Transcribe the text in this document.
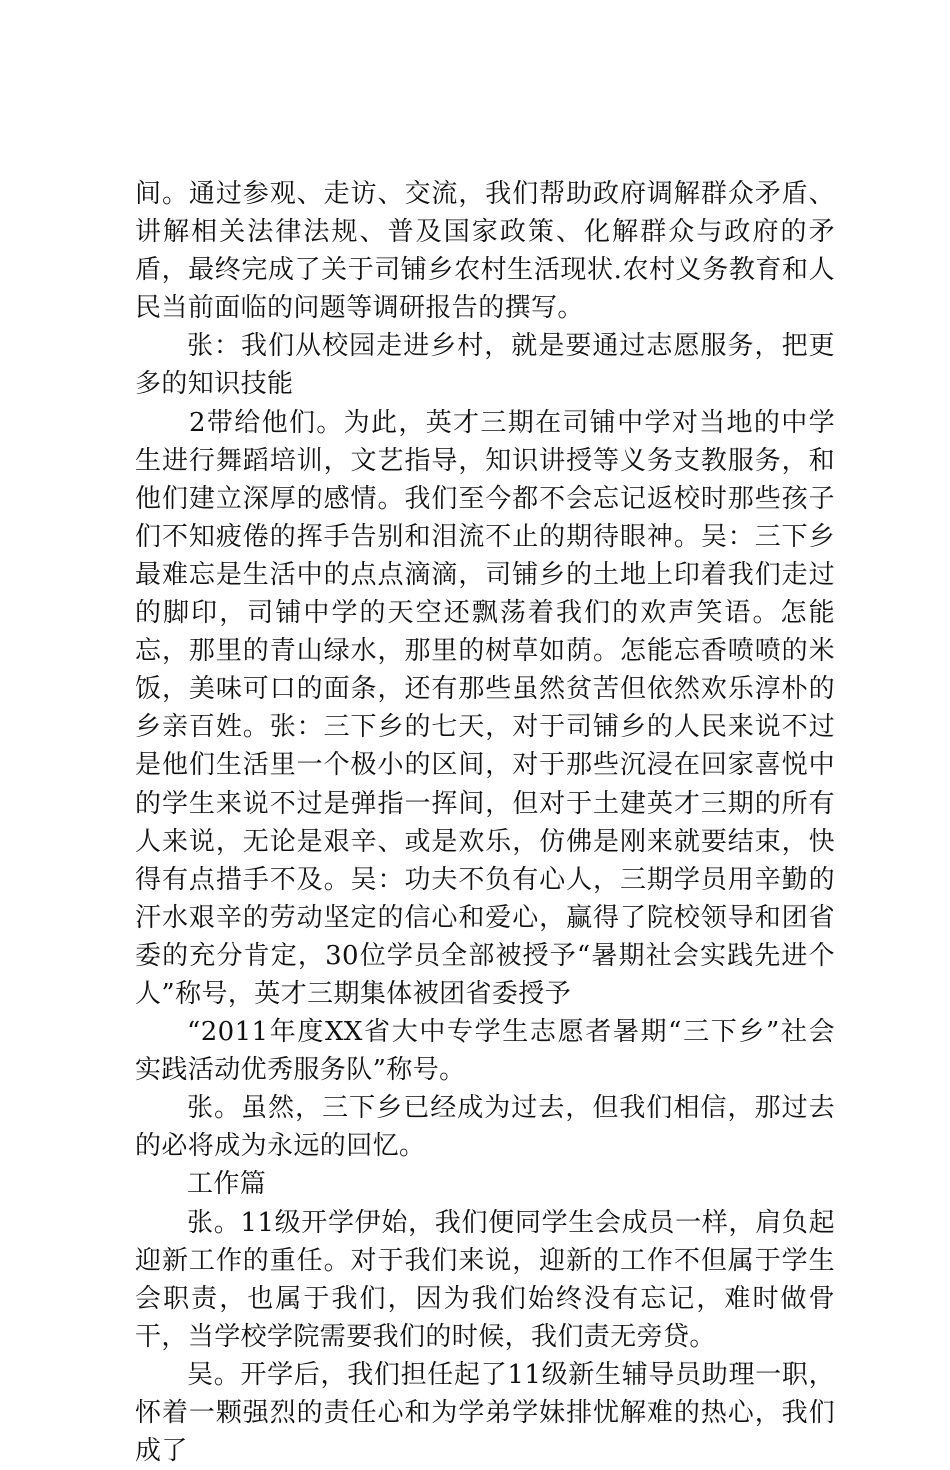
间。通过参观、走访、交流，我们帮助政府调解群众矛盾、讲解相关法律法规、普及国家政策、化解群众与政府的矛盾，最终完成了关于司铺乡农村生活现状.农村义务教育和人民当前面临的问题等调研报告的撰写。

张：我们从校园走进乡村，就是要通过志愿服务，把更多的知识技能

2带给他们。为此，英才三期在司铺中学对当地的中学生进行舞蹈培训，文艺指导，知识讲授等义务支教服务，和他们建立深厚的感情。我们至今都不会忘记返校时那些孩子们不知疲倦的挥手告别和泪流不止的期待眼神。吴：三下乡最难忘是生活中的点点滴滴，司铺乡的土地上印着我们走过的脚印，司铺中学的天空还飘荡着我们的欢声笑语。怎能忘，那里的青山绿水，那里的树草如荫。怎能忘香喷喷的米饭，美味可口的面条，还有那些虽然贫苦但依然欢乐淳朴的乡亲百姓。张：三下乡的七天，对于司铺乡的人民来说不过是他们生活里一个极小的区间，对于那些沉浸在回家喜悦中的学生来说不过是弹指一挥间，但对于土建英才三期的所有人来说，无论是艰辛、或是欢乐，仿佛是刚来就要结束，快得有点措手不及。吴：功夫不负有心人，三期学员用辛勤的汗水艰辛的劳动坚定的信心和爱心，赢得了院校领导和团省委的充分肯定，30位学员全部被授予“暑期社会实践先进个人”称号，英才三期集体被团省委授予

“2011年度XX省大中专学生志愿者暑期“三下乡”社会实践活动优秀服务队”称号。

张。虽然，三下乡已经成为过去，但我们相信，那过去的必将成为永远的回忆。

工作篇

张。11级开学伊始，我们便同学生会成员一样，肩负起迎新工作的重任。对于我们来说，迎新的工作不但属于学生会职责，也属于我们，因为我们始终没有忘记，难时做骨干，当学校学院需要我们的时候，我们责无旁贷。

吴。开学后，我们担任起了11级新生辅导员助理一职，怀着一颗强烈的责任心和为学弟学妹排忧解难的热心，我们成了
